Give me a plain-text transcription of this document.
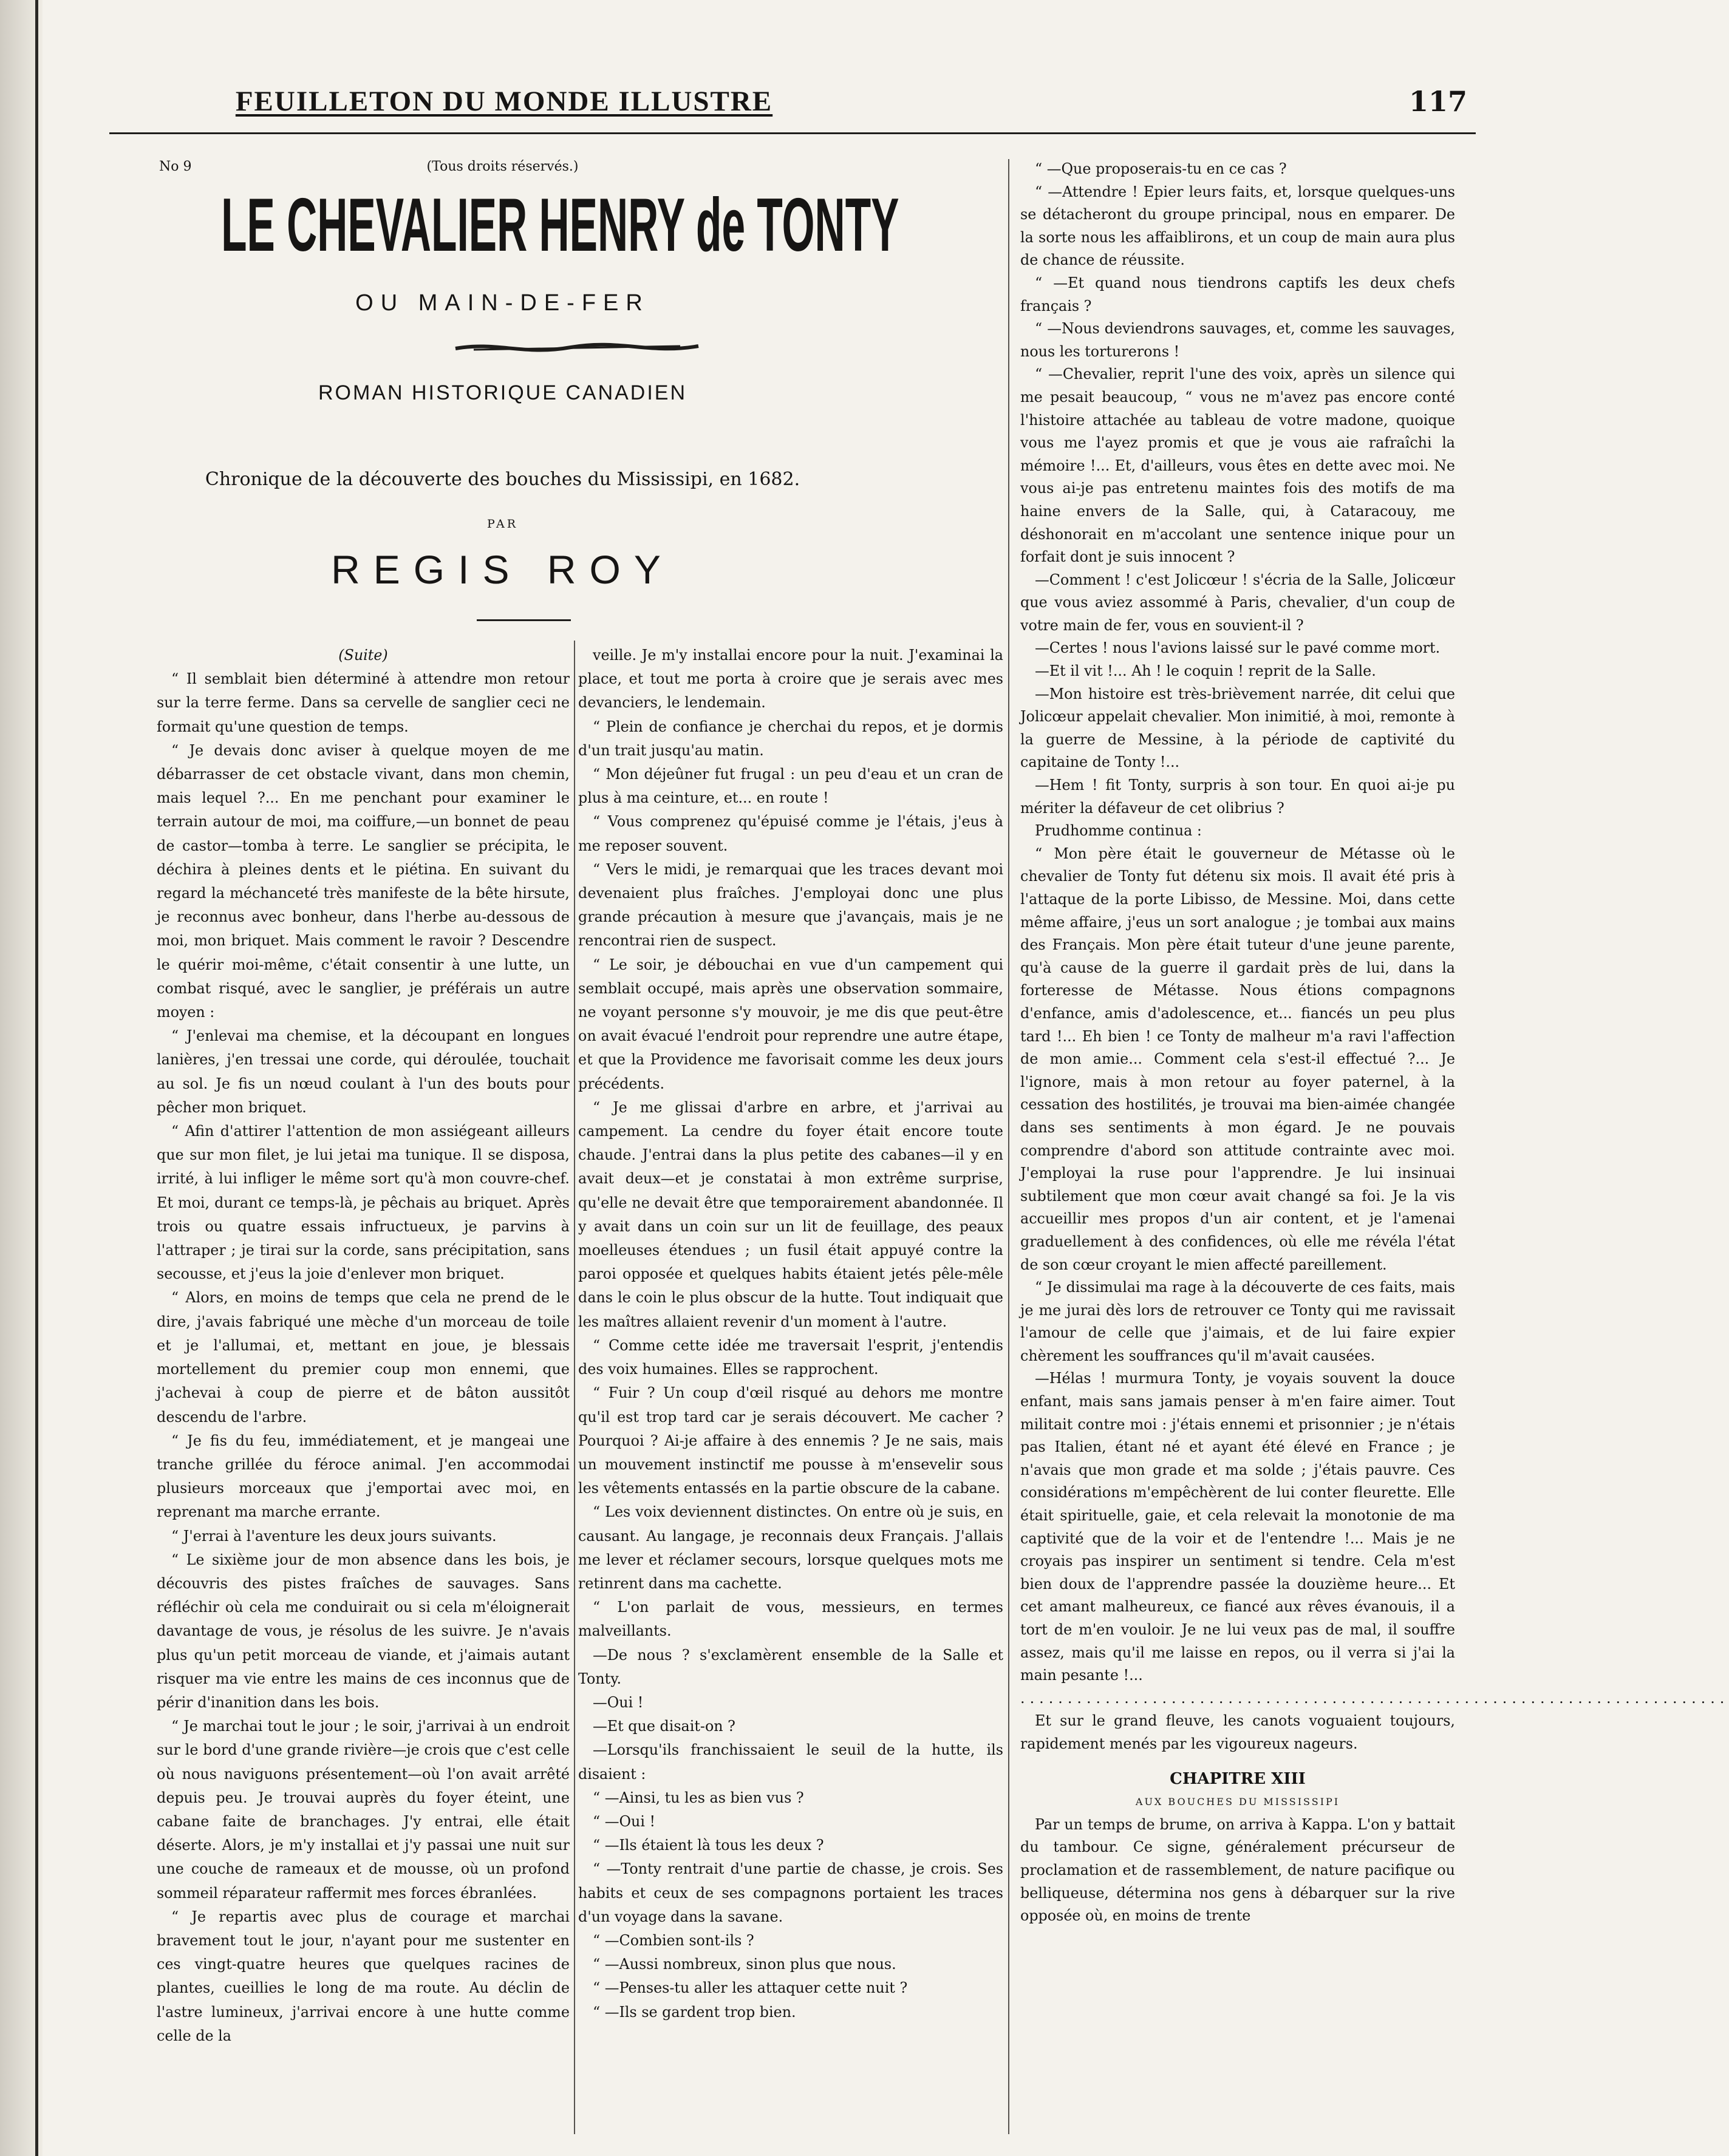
FEUILLETON DU MONDE ILLUSTRE	117
No 9	(Tous droits réservés.)
LE CHEVALIER HENRY de TONTY
OU MAIN-DE-FER
ROMAN HISTORIQUE CANADIEN
Chronique de la découverte des bouches du Mississipi, en 1682.
PAR
REGIS ROY

(Suite)

“ Il semblait bien déterminé à attendre mon retour sur la terre ferme. Dans sa cervelle de sanglier ceci ne formait qu'une question de temps.

“ Je devais donc aviser à quelque moyen de me débarrasser de cet obstacle vivant, dans mon chemin, mais lequel ?... En me penchant pour examiner le terrain autour de moi, ma coiffure,—un bonnet de peau de castor—tomba à terre. Le sanglier se précipita, le déchira à pleines dents et le piétina. En suivant du regard la méchanceté très manifeste de la bête hirsute, je reconnus avec bonheur, dans l'herbe au-dessous de moi, mon briquet. Mais comment le ravoir ? Descendre le quérir moi-même, c'était consentir à une lutte, un combat risqué, avec le sanglier, je préférais un autre moyen :

“ J'enlevai ma chemise, et la découpant en longues lanières, j'en tressai une corde, qui déroulée, touchait au sol. Je fis un nœud coulant à l'un des bouts pour pêcher mon briquet.

“ Afin d'attirer l'attention de mon assiégeant ailleurs que sur mon filet, je lui jetai ma tunique. Il se disposa, irrité, à lui infliger le même sort qu'à mon couvre-chef. Et moi, durant ce temps-là, je pêchais au briquet. Après trois ou quatre essais infructueux, je parvins à l'attraper ; je tirai sur la corde, sans précipitation, sans secousse, et j'eus la joie d'enlever mon briquet.

“ Alors, en moins de temps que cela ne prend de le dire, j'avais fabriqué une mèche d'un morceau de toile et je l'allumai, et, mettant en joue, je blessais mortellement du premier coup mon ennemi, que j'achevai à coup de pierre et de bâton aussitôt descendu de l'arbre.

“ Je fis du feu, immédiatement, et je mangeai une tranche grillée du féroce animal. J'en accommodai plusieurs morceaux que j'emportai avec moi, en reprenant ma marche errante.

“ J'errai à l'aventure les deux jours suivants.

“ Le sixième jour de mon absence dans les bois, je découvris des pistes fraîches de sauvages. Sans réfléchir où cela me conduirait ou si cela m'éloignerait davantage de vous, je résolus de les suivre. Je n'avais plus qu'un petit morceau de viande, et j'aimais autant risquer ma vie entre les mains de ces inconnus que de périr d'inanition dans les bois.

“ Je marchai tout le jour ; le soir, j'arrivai à un endroit sur le bord d'une grande rivière—je crois que c'est celle où nous naviguons présentement—où l'on avait arrêté depuis peu. Je trouvai auprès du foyer éteint, une cabane faite de branchages. J'y entrai, elle était déserte. Alors, je m'y installai et j'y passai une nuit sur une couche de rameaux et de mousse, où un profond sommeil réparateur raffermit mes forces ébranlées.

“ Je repartis avec plus de courage et marchai bravement tout le jour, n'ayant pour me sustenter en ces vingt-quatre heures que quelques racines de plantes, cueillies le long de ma route. Au déclin de l'astre lumineux, j'arrivai encore à une hutte comme celle de la

veille. Je m'y installai encore pour la nuit. J'examinai la place, et tout me porta à croire que je serais avec mes devanciers, le lendemain.

“ Plein de confiance je cherchai du repos, et je dormis d'un trait jusqu'au matin.

“ Mon déjeûner fut frugal : un peu d'eau et un cran de plus à ma ceinture, et... en route !

“ Vous comprenez qu'épuisé comme je l'étais, j'eus à me reposer souvent.

“ Vers le midi, je remarquai que les traces devant moi devenaient plus fraîches. J'employai donc une plus grande précaution à mesure que j'avançais, mais je ne rencontrai rien de suspect.

“ Le soir, je débouchai en vue d'un campement qui semblait occupé, mais après une observation sommaire, ne voyant personne s'y mouvoir, je me dis que peut-être on avait évacué l'endroit pour reprendre une autre étape, et que la Providence me favorisait comme les deux jours précédents.

“ Je me glissai d'arbre en arbre, et j'arrivai au campement. La cendre du foyer était encore toute chaude. J'entrai dans la plus petite des cabanes—il y en avait deux—et je constatai à mon extrême surprise, qu'elle ne devait être que temporairement abandonnée. Il y avait dans un coin sur un lit de feuillage, des peaux moelleuses étendues ; un fusil était appuyé contre la paroi opposée et quelques habits étaient jetés pêle-mêle dans le coin le plus obscur de la hutte. Tout indiquait que les maîtres allaient revenir d'un moment à l'autre.

“ Comme cette idée me traversait l'esprit, j'entendis des voix humaines. Elles se rapprochent.

“ Fuir ? Un coup d'œil risqué au dehors me montre qu'il est trop tard car je serais découvert. Me cacher ? Pourquoi ? Ai-je affaire à des ennemis ? Je ne sais, mais un mouvement instinctif me pousse à m'ensevelir sous les vêtements entassés en la partie obscure de la cabane.

“ Les voix deviennent distinctes. On entre où je suis, en causant. Au langage, je reconnais deux Français. J'allais me lever et réclamer secours, lorsque quelques mots me retinrent dans ma cachette.

“ L'on parlait de vous, messieurs, en termes malveillants.

—De nous ? s'exclamèrent ensemble de la Salle et Tonty.

—Oui !

—Et que disait-on ?

—Lorsqu'ils franchissaient le seuil de la hutte, ils disaient :

“ —Ainsi, tu les as bien vus ?

“ —Oui !

“ —Ils étaient là tous les deux ?

“ —Tonty rentrait d'une partie de chasse, je crois. Ses habits et ceux de ses compagnons portaient les traces d'un voyage dans la savane.

“ —Combien sont-ils ?

“ —Aussi nombreux, sinon plus que nous.

“ —Penses-tu aller les attaquer cette nuit ?

“ —Ils se gardent trop bien.

“ —Que proposerais-tu en ce cas ?

“ —Attendre ! Epier leurs faits, et, lorsque quelques-uns se détacheront du groupe principal, nous en emparer. De la sorte nous les affaiblirons, et un coup de main aura plus de chance de réussite.

“ —Et quand nous tiendrons captifs les deux chefs français ?

“ —Nous deviendrons sauvages, et, comme les sauvages, nous les torturerons !

“ —Chevalier, reprit l'une des voix, après un silence qui me pesait beaucoup, “ vous ne m'avez pas encore conté l'histoire attachée au tableau de votre madone, quoique vous me l'ayez promis et que je vous aie rafraîchi la mémoire !... Et, d'ailleurs, vous êtes en dette avec moi. Ne vous ai-je pas entretenu maintes fois des motifs de ma haine envers de la Salle, qui, à Cataracouy, me déshonorait en m'accolant une sentence inique pour un forfait dont je suis innocent ?

—Comment ! c'est Jolicœur ! s'écria de la Salle, Jolicœur que vous aviez assommé à Paris, chevalier, d'un coup de votre main de fer, vous en souvient-il ?

—Certes ! nous l'avions laissé sur le pavé comme mort.

—Et il vit !... Ah ! le coquin ! reprit de la Salle.

—Mon histoire est très-brièvement narrée, dit celui que Jolicœur appelait chevalier. Mon inimitié, à moi, remonte à la guerre de Messine, à la période de captivité du capitaine de Tonty !...

—Hem ! fit Tonty, surpris à son tour. En quoi ai-je pu mériter la défaveur de cet olibrius ?

Prudhomme continua :

“ Mon père était le gouverneur de Métasse où le chevalier de Tonty fut détenu six mois. Il avait été pris à l'attaque de la porte Libisso, de Messine. Moi, dans cette même affaire, j'eus un sort analogue ; je tombai aux mains des Français. Mon père était tuteur d'une jeune parente, qu'à cause de la guerre il gardait près de lui, dans la forteresse de Métasse. Nous étions compagnons d'enfance, amis d'adolescence, et... fiancés un peu plus tard !... Eh bien ! ce Tonty de malheur m'a ravi l'affection de mon amie... Comment cela s'est-il effectué ?... Je l'ignore, mais à mon retour au foyer paternel, à la cessation des hostilités, je trouvai ma bien-aimée changée dans ses sentiments à mon égard. Je ne pouvais comprendre d'abord son attitude contrainte avec moi. J'employai la ruse pour l'apprendre. Je lui insinuai subtilement que mon cœur avait changé sa foi. Je la vis accueillir mes propos d'un air content, et je l'amenai graduellement à des confidences, où elle me révéla l'état de son cœur croyant le mien affecté pareillement.

“ Je dissimulai ma rage à la découverte de ces faits, mais je me jurai dès lors de retrouver ce Tonty qui me ravissait l'amour de celle que j'aimais, et de lui faire expier chèrement les souffrances qu'il m'avait causées.

—Hélas ! murmura Tonty, je voyais souvent la douce enfant, mais sans jamais penser à m'en faire aimer. Tout militait contre moi : j'étais ennemi et prisonnier ; je n'étais pas Italien, étant né et ayant été élevé en France ; je n'avais que mon grade et ma solde ; j'étais pauvre. Ces considérations m'empêchèrent de lui conter fleurette. Elle était spirituelle, gaie, et cela relevait la monotonie de ma captivité que de la voir et de l'entendre !... Mais je ne croyais pas inspirer un sentiment si tendre. Cela m'est bien doux de l'apprendre passée la douzième heure... Et cet amant malheureux, ce fiancé aux rêves évanouis, il a tort de m'en vouloir. Je ne lui veux pas de mal, il souffre assez, mais qu'il me laisse en repos, ou il verra si j'ai la main pesante !...

...........................................................................

Et sur le grand fleuve, les canots voguaient toujours, rapidement menés par les vigoureux nageurs.

CHAPITRE XIII
AUX BOUCHES DU MISSISSIPI

Par un temps de brume, on arriva à Kappa. L'on y battait du tambour. Ce signe, généralement précurseur de proclamation et de rassemblement, de nature pacifique ou belliqueuse, détermina nos gens à débarquer sur la rive opposée où, en moins de trente
